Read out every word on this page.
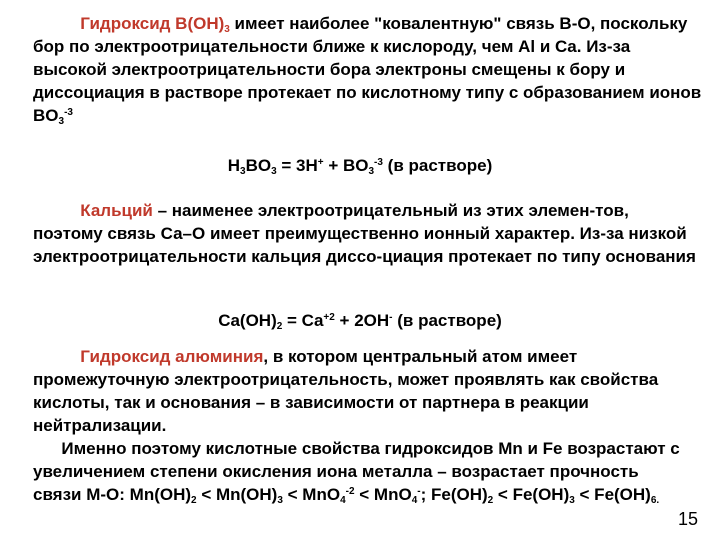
Гидроксид $B(OH)_3$ имеет наиболее "ковалентную" связь B-O, поскольку бор по электроотрицательности ближе к кислороду, чем Al и Ca. Из-за высокой электроотрицательности бора электроны смещены к бору и диссоциация в растворе протекает по кислотному типу с образованием ионов $BO_3^{-3}$

$H_3BO_3 = 3H^+ + BO_3^{-3}$ (в растворе)

Кальций – наименее электроотрицательный из этих элемен-тов, поэтому связь Са–О имеет преимущественно ионный характер. Из-за низкой электроотрицательности кальция диссо-циация протекает по типу основания

$Ca(OH)_2 = Ca^{+2} + 2OH^-$ (в растворе)

Гидроксид алюминия, в котором центральный атом имеет промежуточную электроотрицательность, может проявлять как свойства кислоты, так и основания – в зависимости от партнера в реакции нейтрализации.

Именно поэтому кислотные свойства гидроксидов Mn и Fe возрастают с увеличением степени окисления иона металла – возрастает прочность связи M-O: $Mn(OH)_2 < Mn(OH)_3 < MnO_4^{-2} < MnO_4^-$; $Fe(OH)_2 < Fe(OH)_3 < Fe(OH)_{6.}$

15
